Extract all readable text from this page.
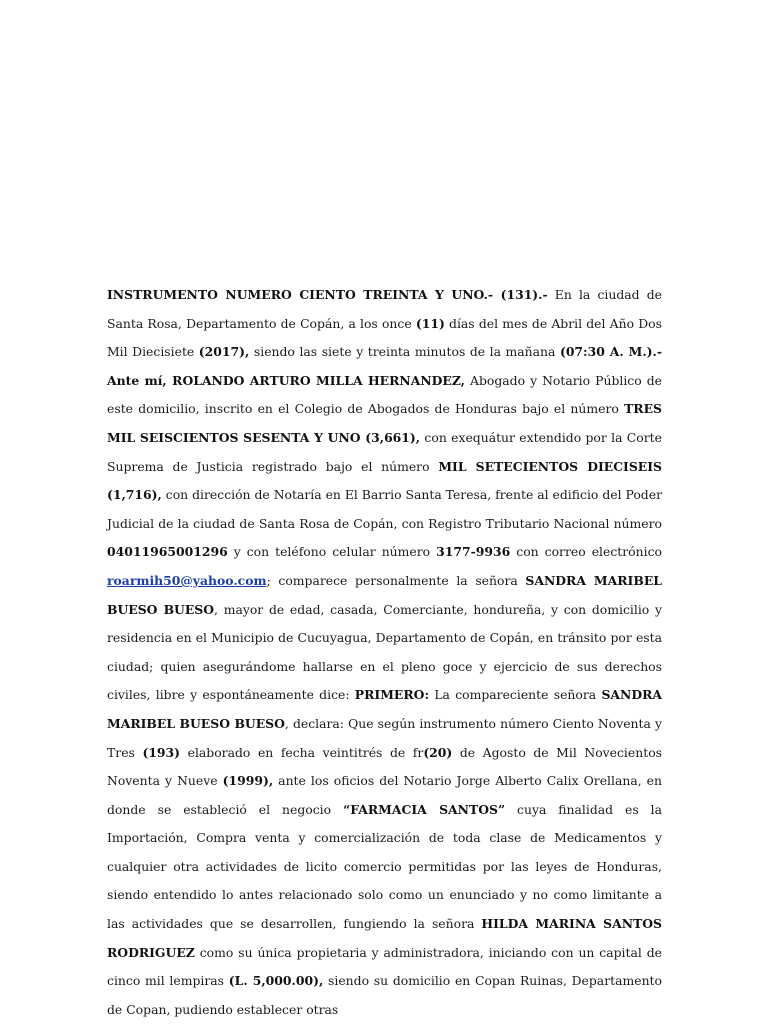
INSTRUMENTO NUMERO CIENTO TREINTA Y UNO.- (131).- En la ciudad de Santa Rosa, Departamento de Copán, a los once (11) días del mes de Abril del Año Dos Mil Diecisiete (2017), siendo las siete y treinta minutos de la mañana (07:30 A. M.).- Ante mí, ROLANDO ARTURO MILLA HERNANDEZ, Abogado y Notario Público de este domicilio, inscrito en el Colegio de Abogados de Honduras bajo el número TRES MIL SEISCIENTOS SESENTA Y UNO (3,661), con exequátur extendido por la Corte Suprema de Justicia registrado bajo el número MIL SETECIENTOS DIECISEIS (1,716), con dirección de Notaría en El Barrio Santa Teresa, frente al edificio del Poder Judicial de la ciudad de Santa Rosa de Copán, con Registro Tributario Nacional número 04011965001296 y con teléfono celular número 3177-9936 con correo electrónico roarmih50@yahoo.com; comparece personalmente la señora SANDRA MARIBEL BUESO BUESO, mayor de edad, casada, Comerciante, hondureña, y con domicilio y residencia en el Municipio de Cucuyagua, Departamento de Copán, en tránsito por esta ciudad; quien asegurándome hallarse en el pleno goce y ejercicio de sus derechos civiles, libre y espontáneamente dice: PRIMERO: La compareciente señora SANDRA MARIBEL BUESO BUESO, declara: Que según instrumento número Ciento Noventa y Tres (193) elaborado en fecha veintitrés de fr(20) de Agosto de Mil Novecientos Noventa y Nueve (1999), ante los oficios del Notario Jorge Alberto Calix Orellana, en donde se estableció el negocio “FARMACIA SANTOS” cuya finalidad es la Importación, Compra venta y comercialización de toda clase de Medicamentos y cualquier otra actividades de licito comercio permitidas por las leyes de Honduras, siendo entendido lo antes relacionado solo como un enunciado y no como limitante a las actividades que se desarrollen, fungiendo la señora HILDA MARINA SANTOS RODRIGUEZ como su única propietaria y administradora, iniciando con un capital de cinco mil lempiras (L. 5,000.00), siendo su domicilio en Copan Ruinas, Departamento de Copan, pudiendo establecer otras
